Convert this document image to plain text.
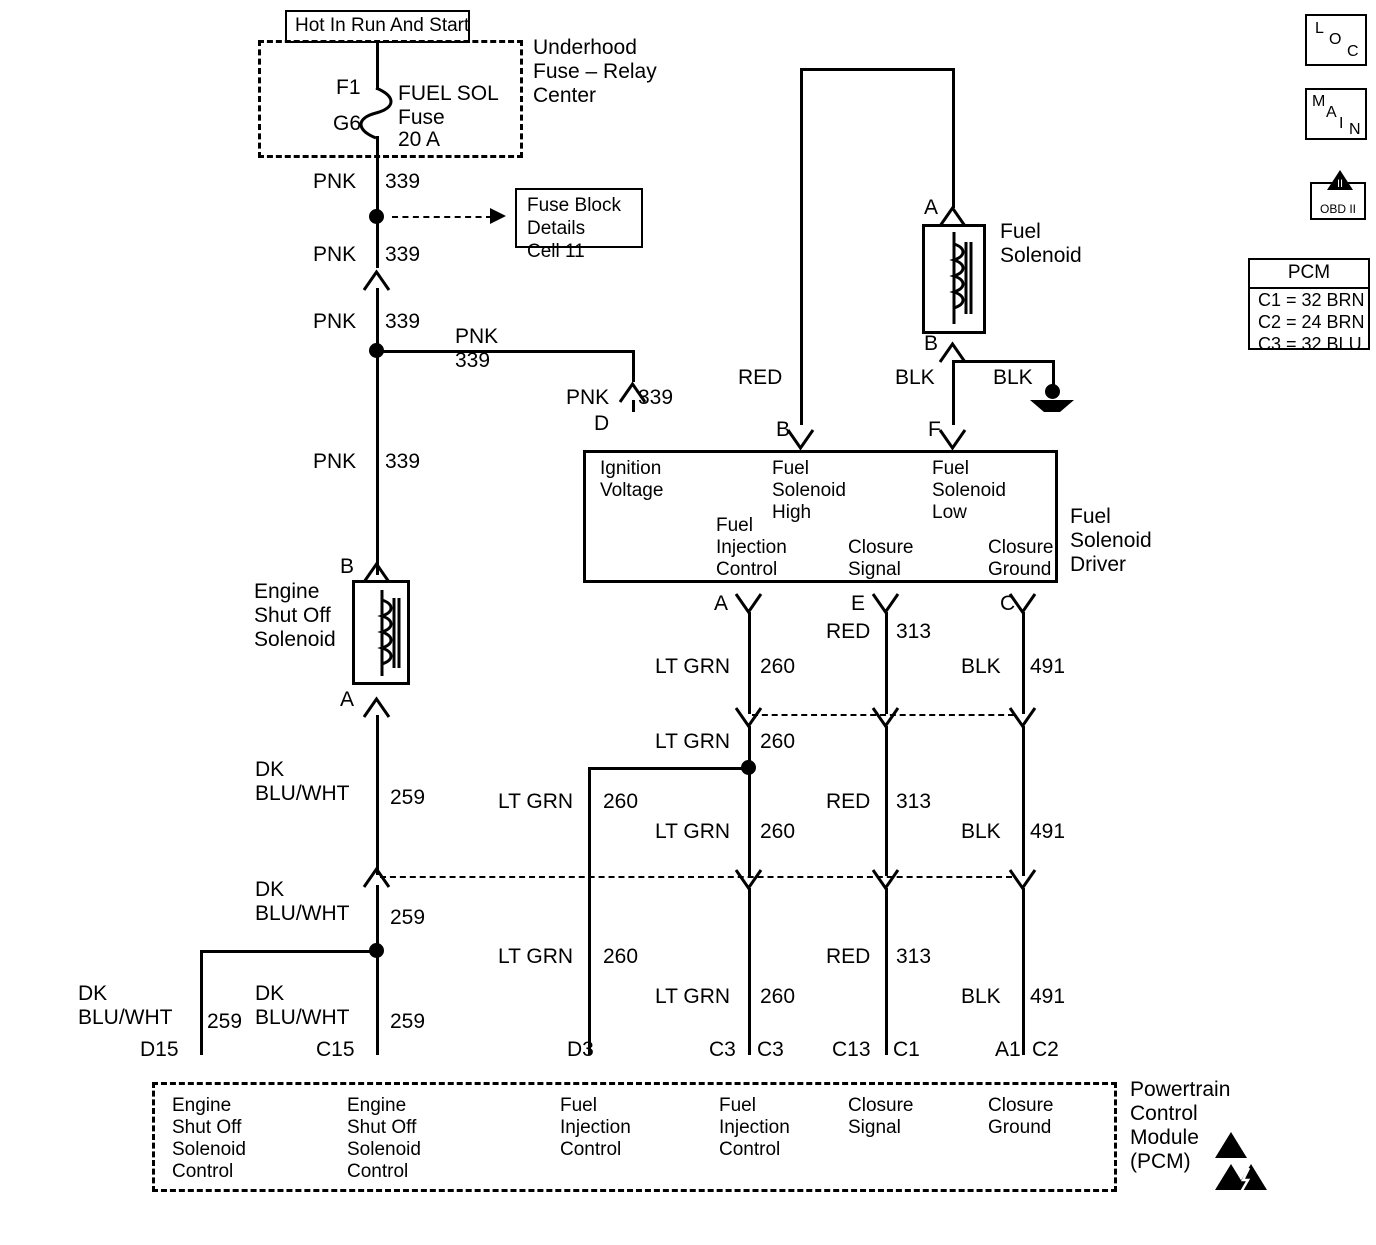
Hot In Run And Start
Underhood
Fuse – Relay
Center
F1
G6
FUEL SOL
Fuse
20 A
PNK 339
Fuse Block
Details
Cell 11
PNK 339
PNK 339
PNK
339
PNK 339
D
PNK 339
B
Engine
Shut Off
Solenoid
A
DK
BLU/WHT	259
DK
BLU/WHT	259
DK
BLU/WHT	259
DK
BLU/WHT	259
D15	C15
A
Fuel
Solenoid
B
BLK
BLK
F
RED
B
Ignition
Voltage
Fuel
Solenoid
High
Fuel
Solenoid
Low
Fuel
Injection
Control
Closure
Signal
Closure
Ground
Fuel
Solenoid
Driver
A
LT GRN 260
LT GRN 260
LT GRN 260
LT GRN 260
LT GRN 260
LT GRN 260
D3	C3 C3
E
RED 313
RED 313
RED 313
C13 C1
C
BLK 491
BLK 491
BLK 491
A1 C2
Engine
Shut Off
Solenoid
Control
Engine
Shut Off
Solenoid
Control
Fuel
Injection
Control
Fuel
Injection
Control
Closure
Signal
Closure
Ground
Powertrain
Control
Module
(PCM)
L
O
C
M
A
I N
II
OBD II
PCM
C1 = 32 BRN
C2 = 24 BRN
C3 = 32 BLU
